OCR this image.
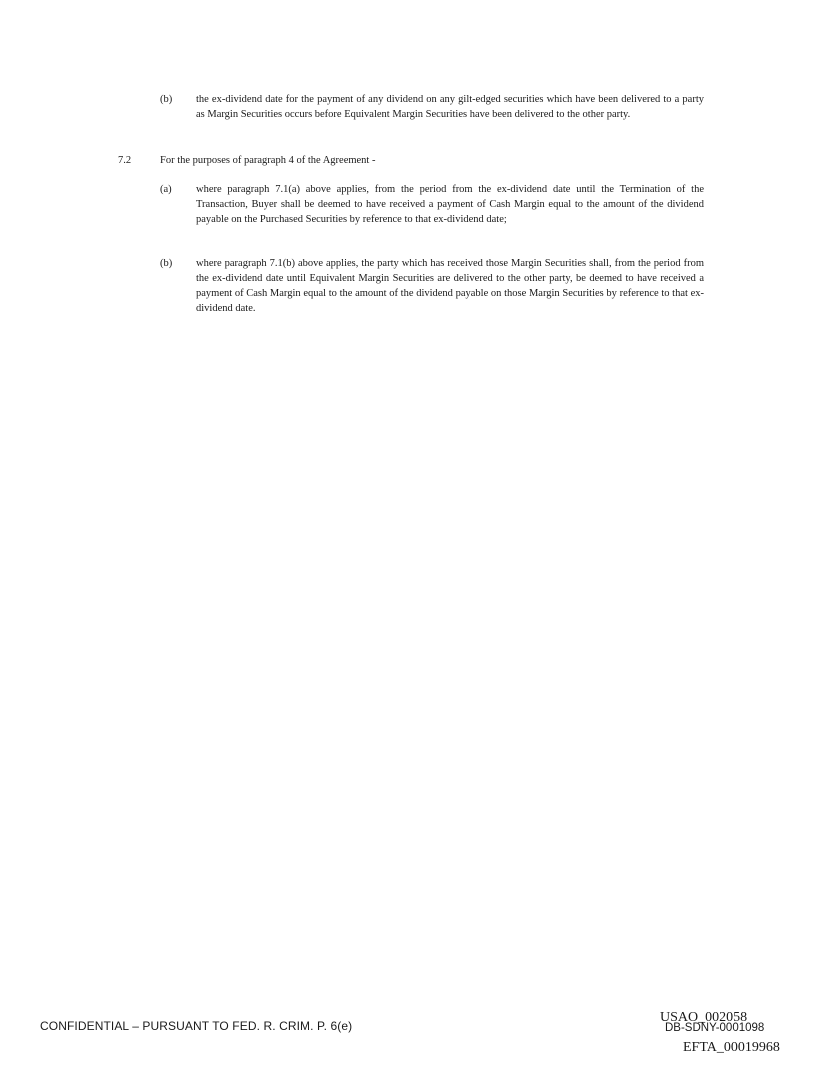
(b) the ex-dividend date for the payment of any dividend on any gilt-edged securities which have been delivered to a party as Margin Securities occurs before Equivalent Margin Securities have been delivered to the other party.
7.2	For the purposes of paragraph 4 of the Agreement -
(a) where paragraph 7.1(a) above applies, from the period from the ex-dividend date until the Termination of the Transaction, Buyer shall be deemed to have received a payment of Cash Margin equal to the amount of the dividend payable on the Purchased Securities by reference to that ex-dividend date;
(b) where paragraph 7.1(b) above applies, the party which has received those Margin Securities shall, from the period from the ex-dividend date until Equivalent Margin Securities are delivered to the other party, be deemed to have received a payment of Cash Margin equal to the amount of the dividend payable on those Margin Securities by reference to that ex-dividend date.
CONFIDENTIAL – PURSUANT TO FED. R. CRIM. P. 6(e)
USAO_002058
DB-SDNY-0001098
EFTA_00019968
